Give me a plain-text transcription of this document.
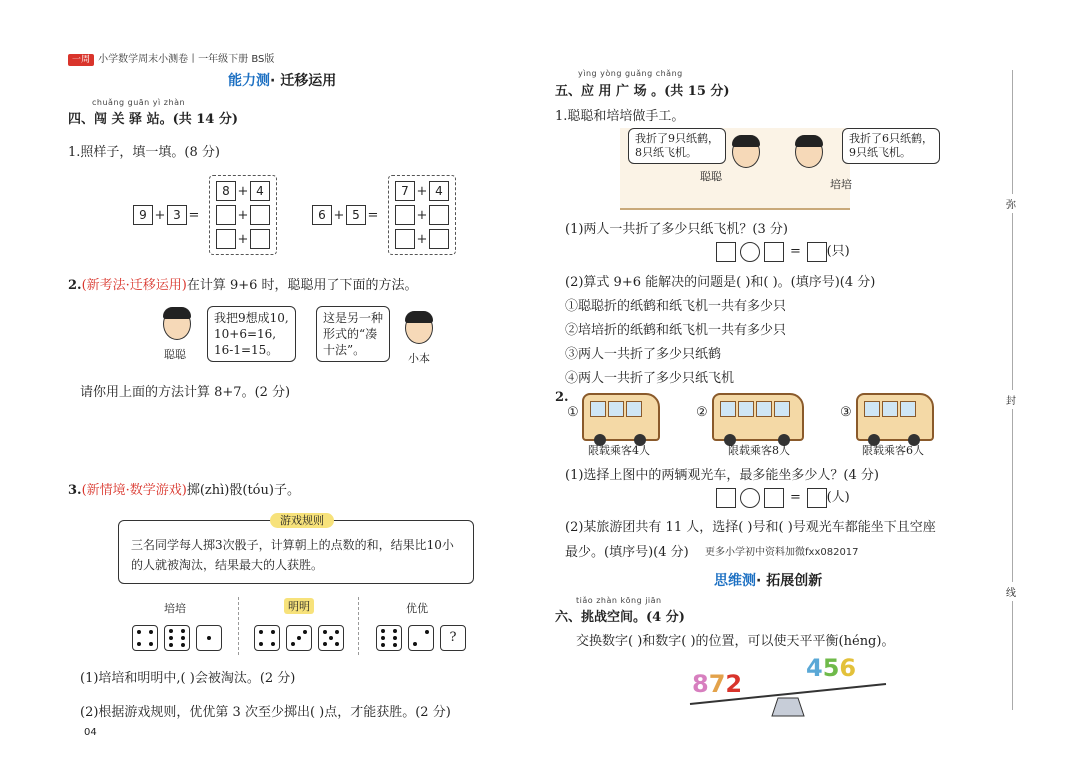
一周 小学数学周末小测卷丨一年级下册 BS版
能力测· 迁移运用
chuǎng guān yì zhàn
四、闯 关 驿 站。(共 14 分)
1.照样子，填一填。(8 分)
9 + 3 =
8 + 4
+
+
6 + 5 =
7 + 4
+
+
2.(新考法·迁移运用)在计算 9+6 时，聪聪用了下面的方法。
聪聪
我把9想成10,
10+6=16,
16-1=15。
这是另一种
形式的“凑
十法”。
小本
请你用上面的方法计算 8+7。(2 分)
3.(新情境·数学游戏)掷(zhì)骰(tóu)子。
三名同学每人掷3次骰子，计算朝上的点数的和，结果比10小
的人就被淘汰，结果最大的人获胜。
游戏规则
培培	明明	优优
?
(1)培培和明明中,( )会被淘汰。(2 分)
(2)根据游戏规则，优优第 3 次至少掷出( )点，才能获胜。(2 分)
04
yìng yòng guǎng chǎng
五、应 用 广 场 。(共 15 分)
1.聪聪和培培做手工。
我折了9只纸鹤，
8只纸飞机。
我折了6只纸鹤，
9只纸飞机。
聪聪
培培
(1)两人一共折了多少只纸飞机？(3 分)
= (只)
(2)算式 9+6 能解决的问题是( )和( )。(填序号)(4 分)
①聪聪折的纸鹤和纸飞机一共有多少只
②培培折的纸鹤和纸飞机一共有多少只
③两人一共折了多少只纸鹤
④两人一共折了多少只纸飞机
2.
①
限载乘客4人
②
限载乘客8人
③
限载乘客6人
(1)选择上图中的两辆观光车，最多能坐多少人？(4 分)
= (人)
(2)某旅游团共有 11 人，选择( )号和( )号观光车都能坐下且空座
最少。(填序号)(4 分) 更多小学初中资料加微fxx082017
思维测· 拓展创新
tiǎo zhàn kōng jiān
六、挑战空间。(4 分)
交换数字( )和数字( )的位置，可以使天平平衡(héng)。
872
456
弥
封
线
